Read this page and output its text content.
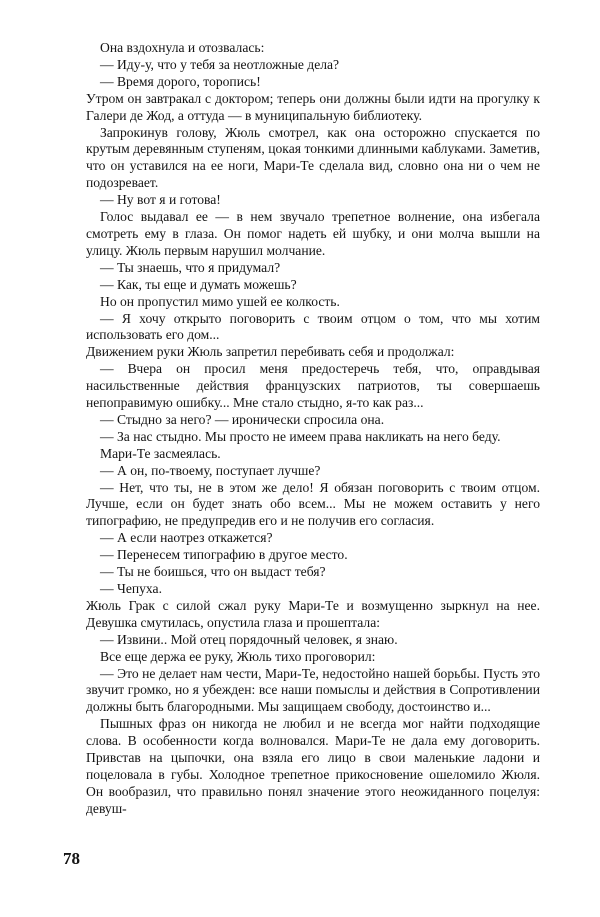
Она вздохнула и отозвалась:

— Иду-у, что у тебя за неотложные дела?

— Время дорого, торопись!

Утром он завтракал с доктором; теперь они должны были идти на прогулку к Галери де Жод, а оттуда — в муниципальную библиотеку.

Запрокинув голову, Жюль смотрел, как она осторожно спускается по крутым деревянным ступеням, цокая тонкими длинными каблуками. Заметив, что он уставился на ее ноги, Мари-Те сделала вид, словно она ни о чем не подозревает.

— Ну вот я и готова!

Голос выдавал ее — в нем звучало трепетное волнение, она избегала смотреть ему в глаза. Он помог надеть ей шубку, и они молча вышли на улицу. Жюль первым нарушил молчание.

— Ты знаешь, что я придумал?

— Как, ты еще и думать можешь?

Но он пропустил мимо ушей ее колкость.

— Я хочу открыто поговорить с твоим отцом о том, что мы хотим использовать его дом...

Движением руки Жюль запретил перебивать себя и продолжал:

— Вчера он просил меня предостеречь тебя, что, оправдывая насильственные действия французских патриотов, ты совершаешь непоправимую ошибку... Мне стало стыдно, я-то как раз...

— Стыдно за него? — иронически спросила она.

— За нас стыдно. Мы просто не имеем права накликать на него беду.

Мари-Те засмеялась.

— А он, по-твоему, поступает лучше?

— Нет, что ты, не в этом же дело! Я обязан поговорить с твоим отцом. Лучше, если он будет знать обо всем... Мы не можем оставить у него типографию, не предупредив его и не получив его согласия.

— А если наотрез откажется?

— Перенесем типографию в другое место.

— Ты не боишься, что он выдаст тебя?

— Чепуха.

Жюль Грак с силой сжал руку Мари-Те и возмущенно зыркнул на нее. Девушка смутилась, опустила глаза и прошептала:

— Извини.. Мой отец порядочный человек, я знаю.

Все еще держа ее руку, Жюль тихо проговорил:

— Это не делает нам чести, Мари-Те, недостойно нашей борьбы. Пусть это звучит громко, но я убежден: все наши помыслы и действия в Сопротивлении должны быть благородными. Мы защищаем свободу, достоинство и...

Пышных фраз он никогда не любил и не всегда мог найти подходящие слова. В особенности когда волновался. Мари-Те не дала ему договорить. Привстав на цыпочки, она взяла его лицо в свои маленькие ладони и поцеловала в губы. Холодное трепетное прикосновение ошеломило Жюля. Он вообразил, что правильно понял значение этого неожиданного поцелуя: девуш-

78
